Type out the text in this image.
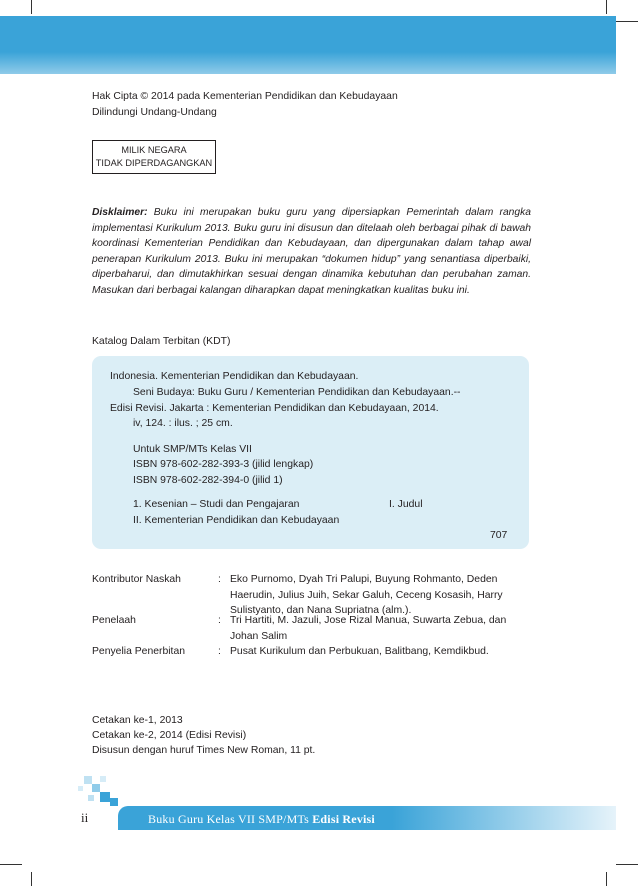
Hak Cipta © 2014 pada Kementerian Pendidikan dan Kebudayaan
Dilindungi Undang-Undang
MILIK NEGARA
TIDAK DIPERDAGANGKAN
Disklaimer: Buku ini merupakan buku guru yang dipersiapkan Pemerintah dalam rangka implementasi Kurikulum 2013. Buku guru ini disusun dan ditelaah oleh berbagai pihak di bawah koordinasi Kementerian Pendidikan dan Kebudayaan, dan dipergunakan dalam tahap awal penerapan Kurikulum 2013. Buku ini merupakan “dokumen hidup” yang senantiasa diperbaiki, diperbaharui, dan dimutakhirkan sesuai dengan dinamika kebutuhan dan perubahan zaman. Masukan dari berbagai kalangan diharapkan dapat meningkatkan kualitas buku ini.
Katalog Dalam Terbitan (KDT)
Indonesia. Kementerian Pendidikan dan Kebudayaan.
Seni Budaya: Buku Guru / Kementerian Pendidikan dan Kebudayaan.--
Edisi Revisi. Jakarta : Kementerian Pendidikan dan Kebudayaan, 2014.
iv, 124. : ilus. ; 25 cm.
Untuk SMP/MTs Kelas VII
ISBN 978-602-282-393-3 (jilid lengkap)
ISBN 978-602-282-394-0 (jilid 1)
1. Kesenian – Studi dan Pengajaran	I. Judul
II. Kementerian Pendidikan dan Kebudayaan
707
Kontributor Naskah	: Eko Purnomo, Dyah Tri Palupi, Buyung Rohmanto, Deden Haerudin, Julius Juih, Sekar Galuh, Ceceng Kosasih, Harry Sulistyanto, dan Nana Supriatna (alm.).
Penelaah	: Tri Hartiti, M. Jazuli, Jose Rizal Manua, Suwarta Zebua, dan Johan Salim
Penyelia Penerbitan	: Pusat Kurikulum dan Perbukuan, Balitbang, Kemdikbud.
Cetakan ke-1, 2013
Cetakan ke-2, 2014 (Edisi Revisi)
Disusun dengan huruf Times New Roman, 11 pt.
ii	Buku Guru Kelas VII SMP/MTs Edisi Revisi
